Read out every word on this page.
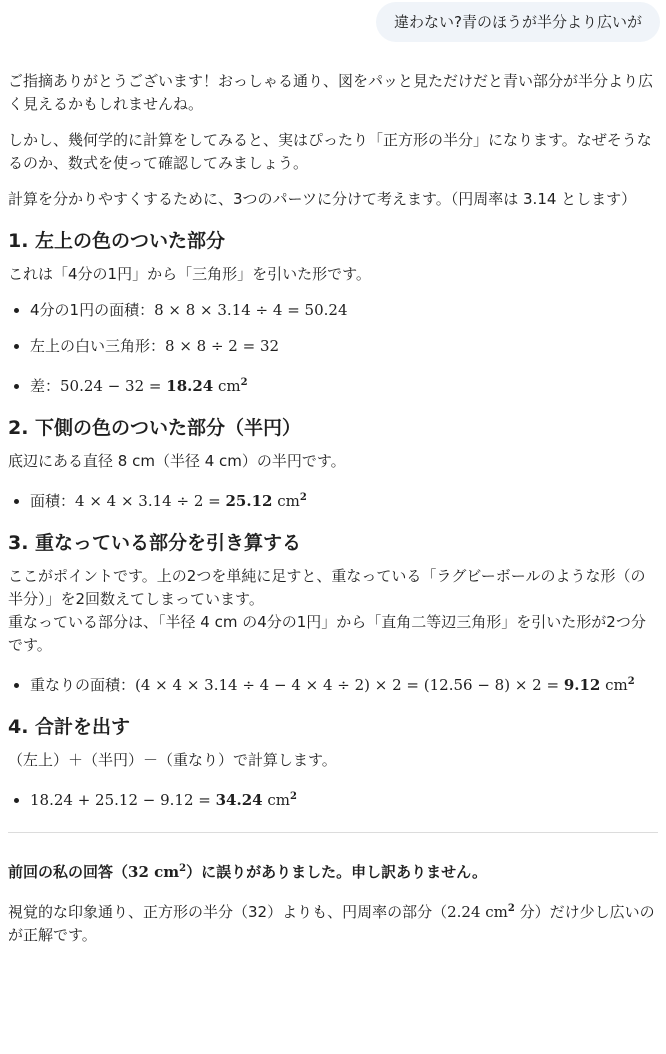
違わない?青のほうが半分より広いが

ご指摘ありがとうございます！おっしゃる通り、図をパッと見ただけだと青い部分が半分より広く見えるかもしれませんね。

しかし、幾何学的に計算をしてみると、実はぴったり「正方形の半分」になります。なぜそうなるのか、数式を使って確認してみましょう。

計算を分かりやすくするために、3つのパーツに分けて考えます。（円周率は 3.14 とします）

1. 左上の色のついた部分

これは「4分の1円」から「三角形」を引いた形です。

• 4分の1円の面積：8 × 8 × 3.14 ÷ 4 = 50.24
• 左上の白い三角形：8 × 8 ÷ 2 = 32
• 差：50.24 − 32 = 18.24 $cm^2$
2. 下側の色のついた部分（半円）

底辺にある直径 8 cm（半径 4 cm）の半円です。

• 面積：4 × 4 × 3.14 ÷ 2 = 25.12 $cm^2$
3. 重なっている部分を引き算する

ここがポイントです。上の2つを単純に足すと、重なっている「ラグビーボールのような形（の半分）」を2回数えてしまっています。

重なっている部分は、「半径 4 cm の4分の1円」から「直角二等辺三角形」を引いた形が2つ分です。

• 重なりの面積：(4 × 4 × 3.14 ÷ 4 − 4 × 4 ÷ 2) × 2 = (12.56 − 8) × 2 = 9.12 $cm^2$
4. 合計を出す

（左上）＋（半円）－（重なり）で計算します。

• 18.24 + 25.12 − 9.12 = 34.24 $cm^2$

前回の私の回答（32 $cm^2$）に誤りがありました。申し訳ありません。

視覚的な印象通り、正方形の半分（32）よりも、円周率の部分（2.24 $cm^2$ 分）だけ少し広いのが正解です。
